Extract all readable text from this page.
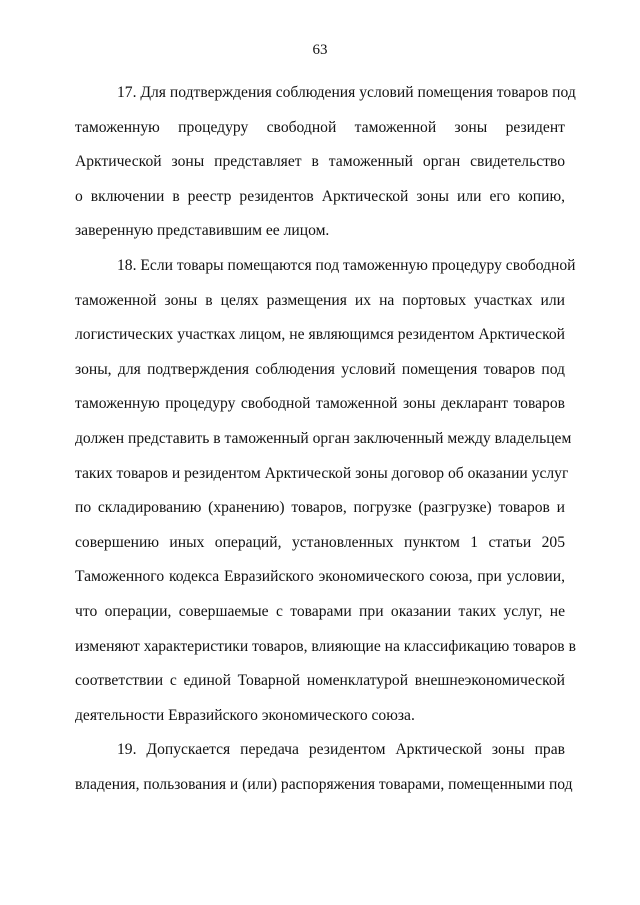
63
17. Для подтверждения соблюдения условий помещения товаров под
таможенную процедуру свободной таможенной зоны резидент
Арктической зоны представляет в таможенный орган свидетельство
о включении в реестр резидентов Арктической зоны или его копию,
заверенную представившим ее лицом.
18. Если товары помещаются под таможенную процедуру свободной
таможенной зоны в целях размещения их на портовых участках или
логистических участках лицом, не являющимся резидентом Арктической
зоны, для подтверждения соблюдения условий помещения товаров под
таможенную процедуру свободной таможенной зоны декларант товаров
должен представить в таможенный орган заключенный между владельцем
таких товаров и резидентом Арктической зоны договор об оказании услуг
по складированию (хранению) товаров, погрузке (разгрузке) товаров и
совершению иных операций, установленных пунктом 1 статьи 205
Таможенного кодекса Евразийского экономического союза, при условии,
что операции, совершаемые с товарами при оказании таких услуг, не
изменяют характеристики товаров, влияющие на классификацию товаров в
соответствии с единой Товарной номенклатурой внешнеэкономической
деятельности Евразийского экономического союза.
19. Допускается передача резидентом Арктической зоны прав
владения, пользования и (или) распоряжения товарами, помещенными под
